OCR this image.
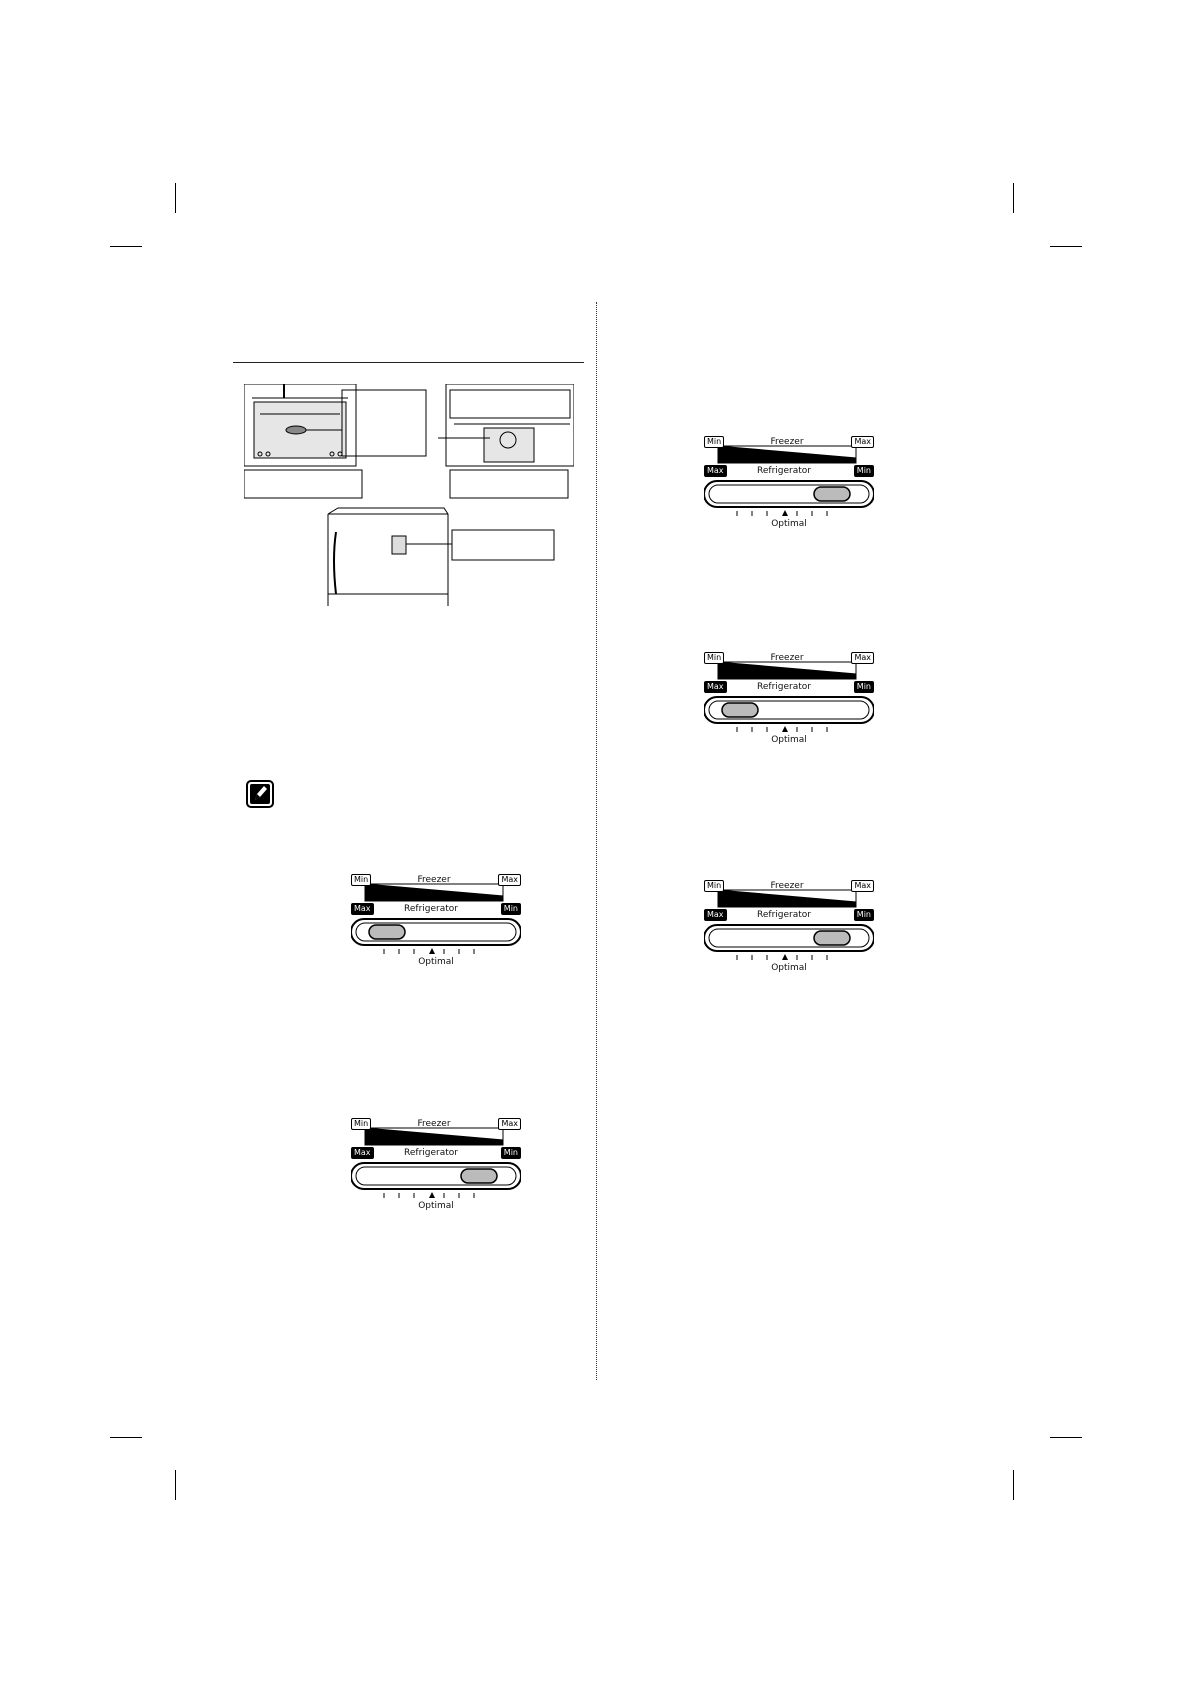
Freezer
Min	Max
Refrigerator
Max	Min
Optimal
Freezer
Min	Max
Refrigerator
Max	Min
Optimal
Freezer
Min	Max
Refrigerator
Max	Min
Optimal
Freezer
Min	Max
Refrigerator
Max	Min
Optimal
Freezer
Min	Max
Refrigerator
Max	Min
Optimal
